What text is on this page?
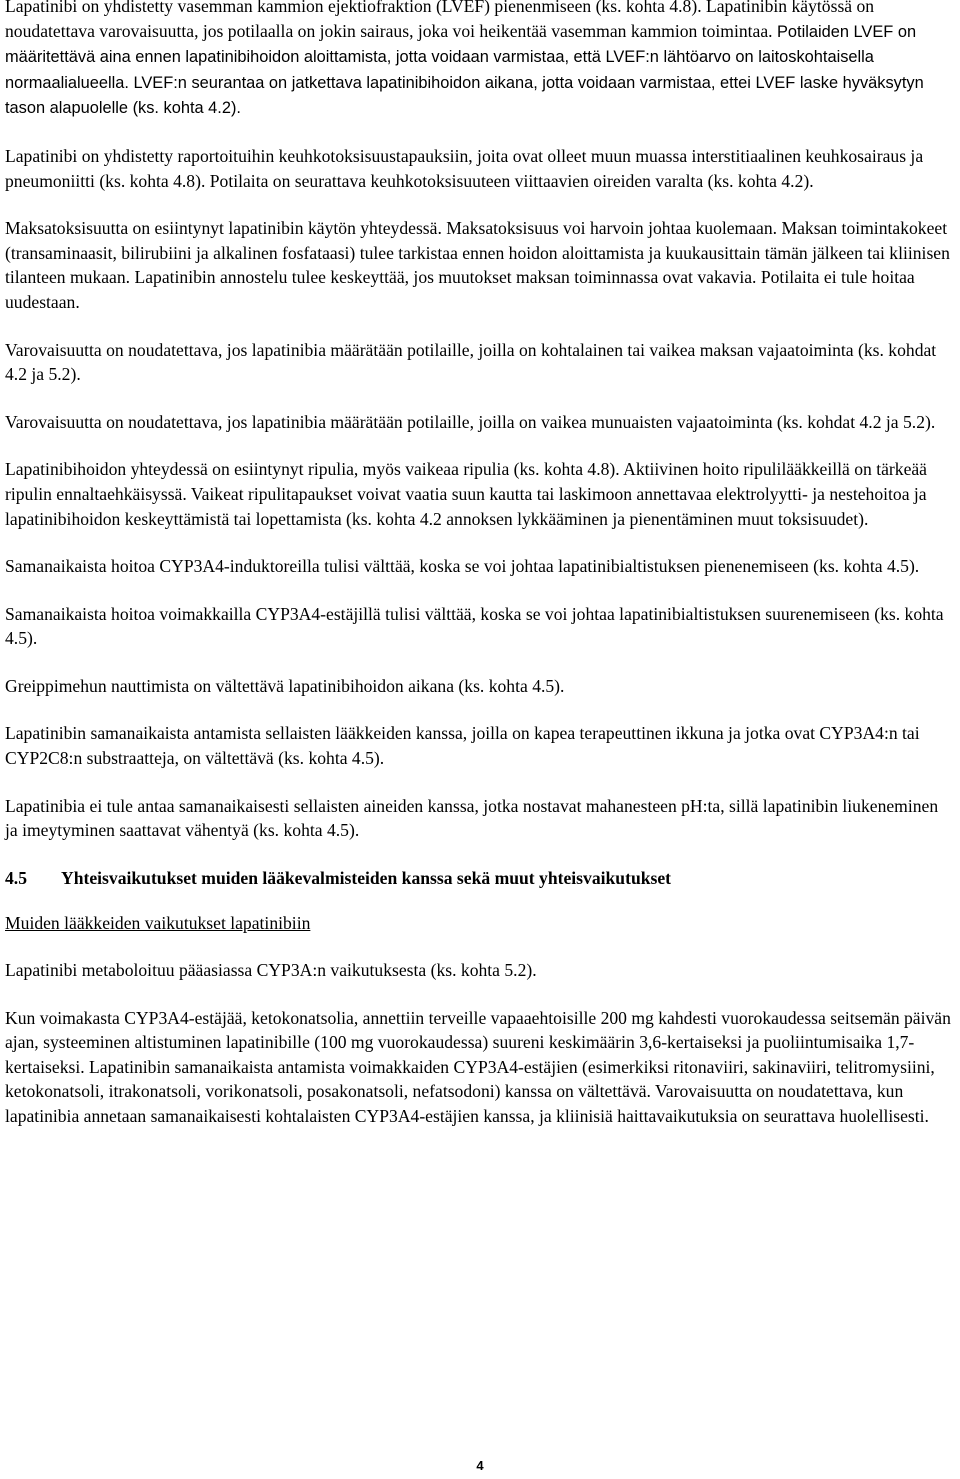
Lapatinibi on yhdistetty vasemman kammion ejektiofraktion (LVEF) pienenmiseen (ks. kohta 4.8). Lapatinibin käytössä on noudatettava varovaisuutta, jos potilaalla on jokin sairaus, joka voi heikentää vasemman kammion toimintaa. Potilaiden LVEF on määritettävä aina ennen lapatinibihoidon aloittamista, jotta voidaan varmistaa, että LVEF:n lähtöarvo on laitoskohtaisella normaalialueella. LVEF:n seurantaa on jatkettava lapatinibihoidon aikana, jotta voidaan varmistaa, ettei LVEF laske hyväksytyn tason alapuolelle (ks. kohta 4.2).

Lapatinibi on yhdistetty raportoituihin keuhkotoksisuustapauksiin, joita ovat olleet muun muassa interstitiaalinen keuhkosairaus ja pneumoniitti (ks. kohta 4.8). Potilaita on seurattava keuhkotoksisuuteen viittaavien oireiden varalta (ks. kohta 4.2).

Maksatoksisuutta on esiintynyt lapatinibin käytön yhteydessä. Maksatoksisuus voi harvoin johtaa kuolemaan. Maksan toimintakokeet (transaminaasit, bilirubiini ja alkalinen fosfataasi) tulee tarkistaa ennen hoidon aloittamista ja kuukausittain tämän jälkeen tai kliinisen tilanteen mukaan. Lapatinibin annostelu tulee keskeyttää, jos muutokset maksan toiminnassa ovat vakavia. Potilaita ei tule hoitaa uudestaan.

Varovaisuutta on noudatettava, jos lapatinibia määrätään potilaille, joilla on kohtalainen tai vaikea maksan vajaatoiminta (ks. kohdat 4.2 ja 5.2).

Varovaisuutta on noudatettava, jos lapatinibia määrätään potilaille, joilla on vaikea munuaisten vajaatoiminta (ks. kohdat 4.2 ja 5.2).

Lapatinibihoidon yhteydessä on esiintynyt ripulia, myös vaikeaa ripulia (ks. kohta 4.8). Aktiivinen hoito ripulilääkkeillä on tärkeää ripulin ennaltaehkäisyssä. Vaikeat ripulitapaukset voivat vaatia suun kautta tai laskimoon annettavaa elektrolyytti- ja nestehoitoa ja lapatinibihoidon keskeyttämistä tai lopettamista (ks. kohta 4.2 annoksen lykkääminen ja pienentäminen muut toksisuudet).

Samanaikaista hoitoa CYP3A4-induktoreilla tulisi välttää, koska se voi johtaa lapatinibialtistuksen pienenemiseen (ks. kohta 4.5).

Samanaikaista hoitoa voimakkailla CYP3A4-estäjillä tulisi välttää, koska se voi johtaa lapatinibialtistuksen suurenemiseen (ks. kohta 4.5).

Greippimehun nauttimista on vältettävä lapatinibihoidon aikana (ks. kohta 4.5).

Lapatinibin samanaikaista antamista sellaisten lääkkeiden kanssa, joilla on kapea terapeuttinen ikkuna ja jotka ovat CYP3A4:n tai CYP2C8:n substraatteja, on vältettävä (ks. kohta 4.5).

Lapatinibia ei tule antaa samanaikaisesti sellaisten aineiden kanssa, jotka nostavat mahanesteen pH:ta, sillä lapatinibin liukeneminen ja imeytyminen saattavat vähentyä (ks. kohta 4.5).

4.5 Yhteisvaikutukset muiden lääkevalmisteiden kanssa sekä muut yhteisvaikutukset

Muiden lääkkeiden vaikutukset lapatinibiin

Lapatinibi metaboloituu pääasiassa CYP3A:n vaikutuksesta (ks. kohta 5.2).

Kun voimakasta CYP3A4-estäjää, ketokonatsolia, annettiin terveille vapaaehtoisille 200 mg kahdesti vuorokaudessa seitsemän päivän ajan, systeeminen altistuminen lapatinibille (100 mg vuorokaudessa) suureni keskimäärin 3,6-kertaiseksi ja puoliintumisaika 1,7-kertaiseksi. Lapatinibin samanaikaista antamista voimakkaiden CYP3A4-estäjien (esimerkiksi ritonaviiri, sakinaviiri, telitromysiini, ketokonatsoli, itrakonatsoli, vorikonatsoli, posakonatsoli, nefatsodoni) kanssa on vältettävä. Varovaisuutta on noudatettava, kun lapatinibia annetaan samanaikaisesti kohtalaisten CYP3A4-estäjien kanssa, ja kliinisiä haittavaikutuksia on seurattava huolellisesti.

4
